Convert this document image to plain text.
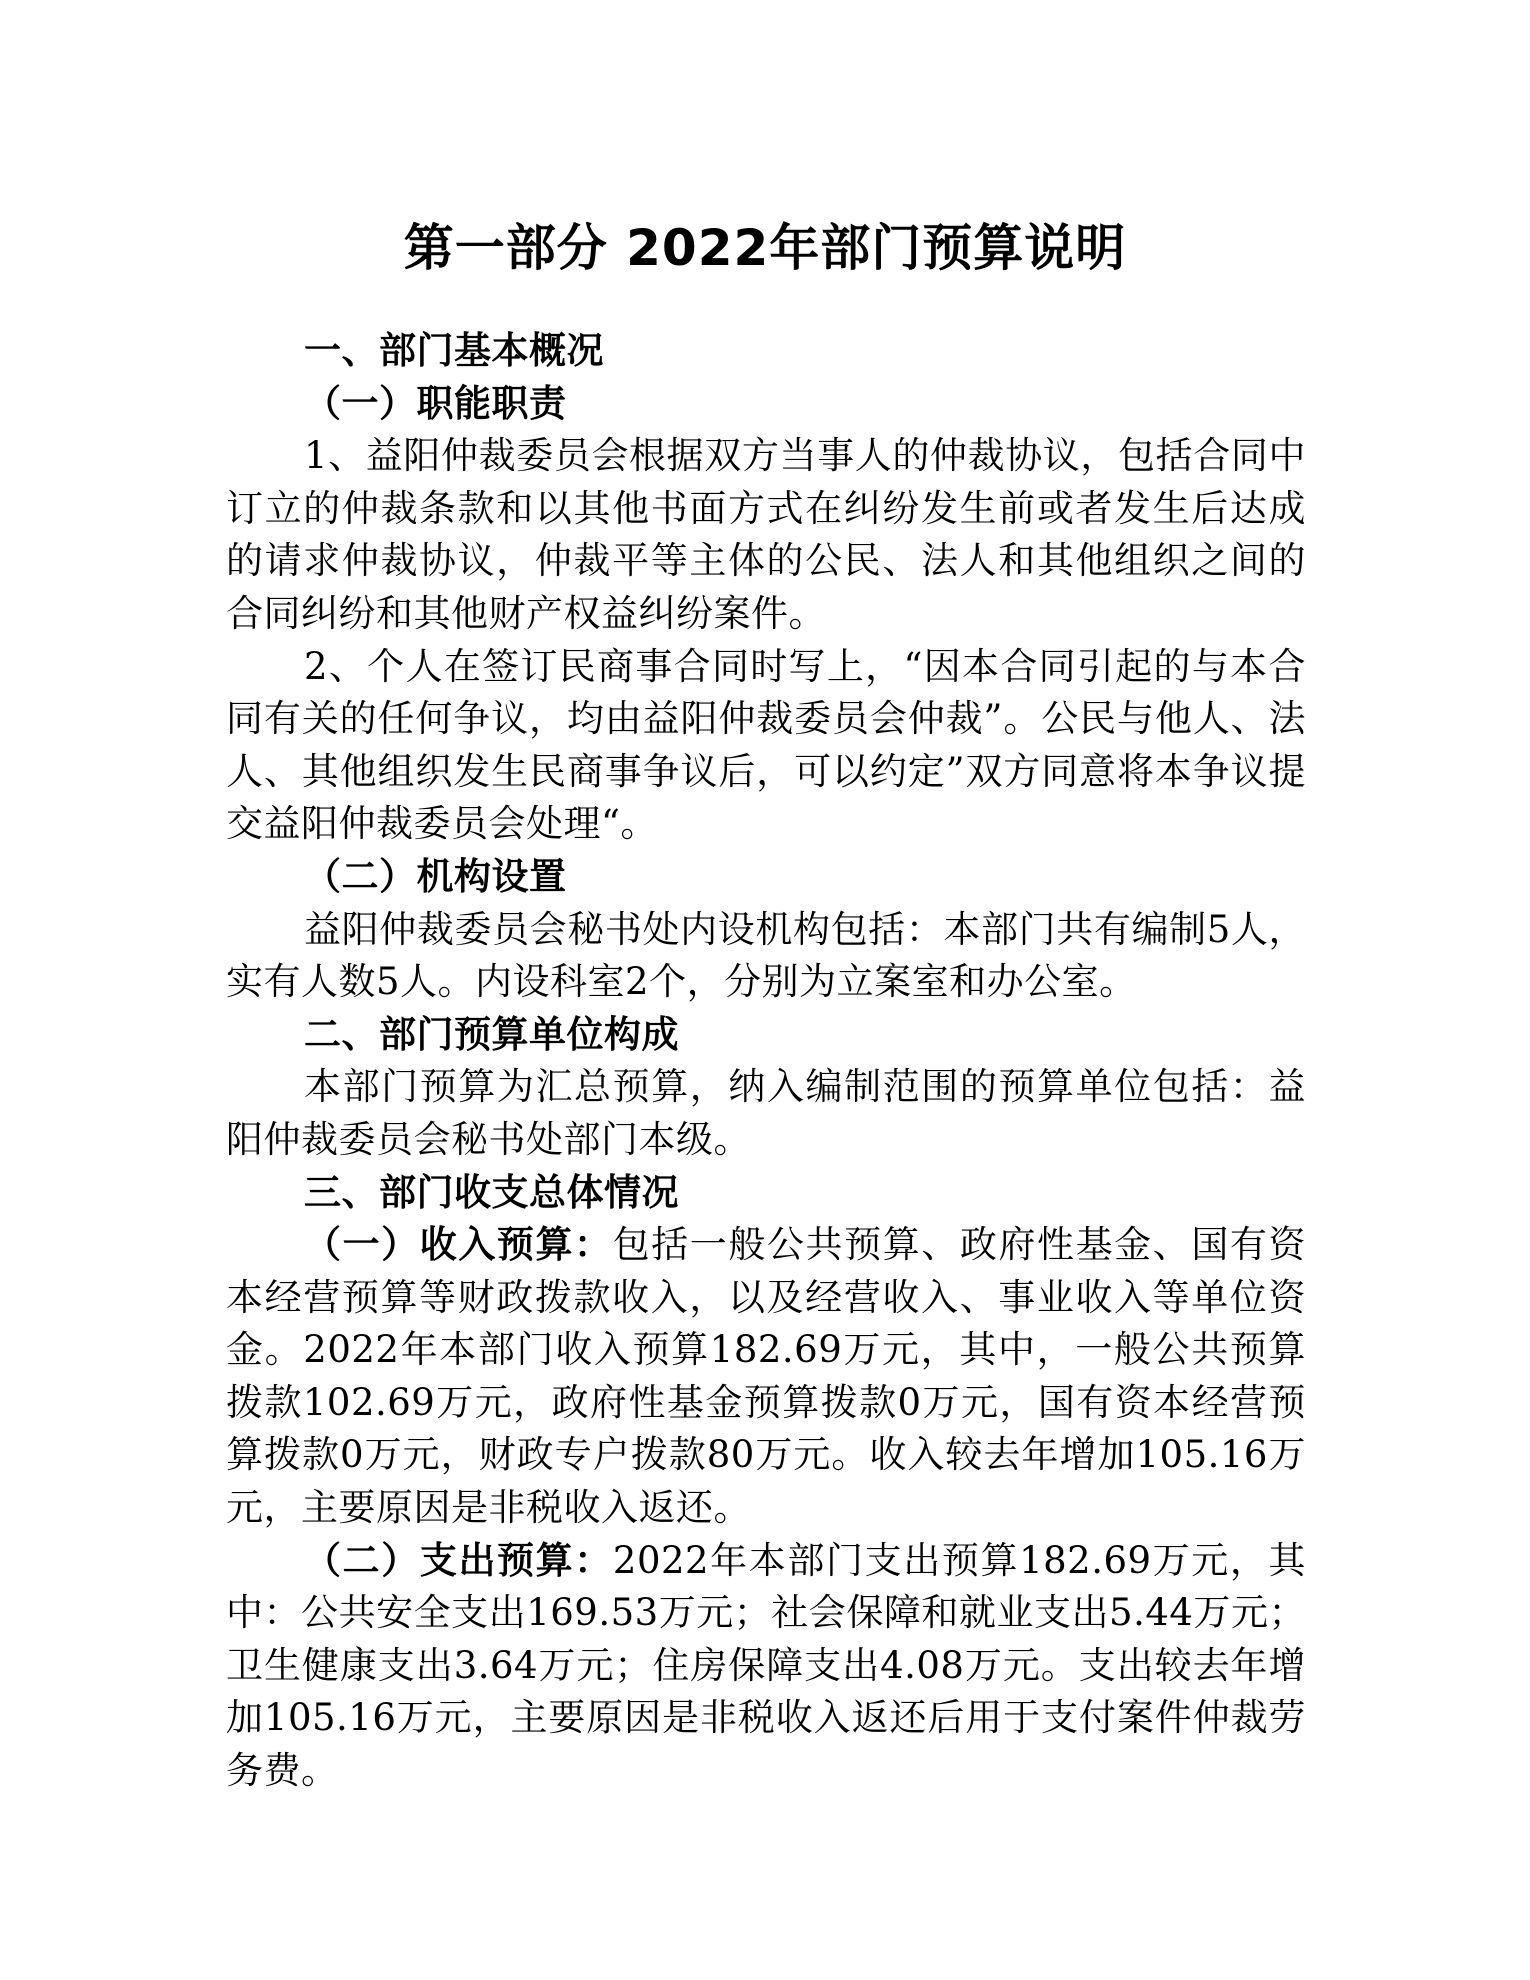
第一部分 2022年部门预算说明

一、部门基本概况

（一）职能职责

1、益阳仲裁委员会根据双方当事人的仲裁协议，包括合同中订立的仲裁条款和以其他书面方式在纠纷发生前或者发生后达成的请求仲裁协议，仲裁平等主体的公民、法人和其他组织之间的合同纠纷和其他财产权益纠纷案件。

2、个人在签订民商事合同时写上，“因本合同引起的与本合同有关的任何争议，均由益阳仲裁委员会仲裁”。公民与他人、法人、其他组织发生民商事争议后，可以约定”双方同意将本争议提交益阳仲裁委员会处理“。

（二）机构设置

益阳仲裁委员会秘书处内设机构包括：本部门共有编制5人，实有人数5人。内设科室2个，分别为立案室和办公室。

二、部门预算单位构成

本部门预算为汇总预算，纳入编制范围的预算单位包括：益阳仲裁委员会秘书处部门本级。

三、部门收支总体情况

（一）收入预算：包括一般公共预算、政府性基金、国有资本经营预算等财政拨款收入，以及经营收入、事业收入等单位资金。2022年本部门收入预算182.69万元，其中，一般公共预算拨款102.69万元，政府性基金预算拨款0万元，国有资本经营预算拨款0万元，财政专户拨款80万元。收入较去年增加105.16万元，主要原因是非税收入返还。

（二）支出预算：2022年本部门支出预算182.69万元，其中：公共安全支出169.53万元；社会保障和就业支出5.44万元；卫生健康支出3.64万元；住房保障支出4.08万元。支出较去年增加105.16万元，主要原因是非税收入返还后用于支付案件仲裁劳务费。
